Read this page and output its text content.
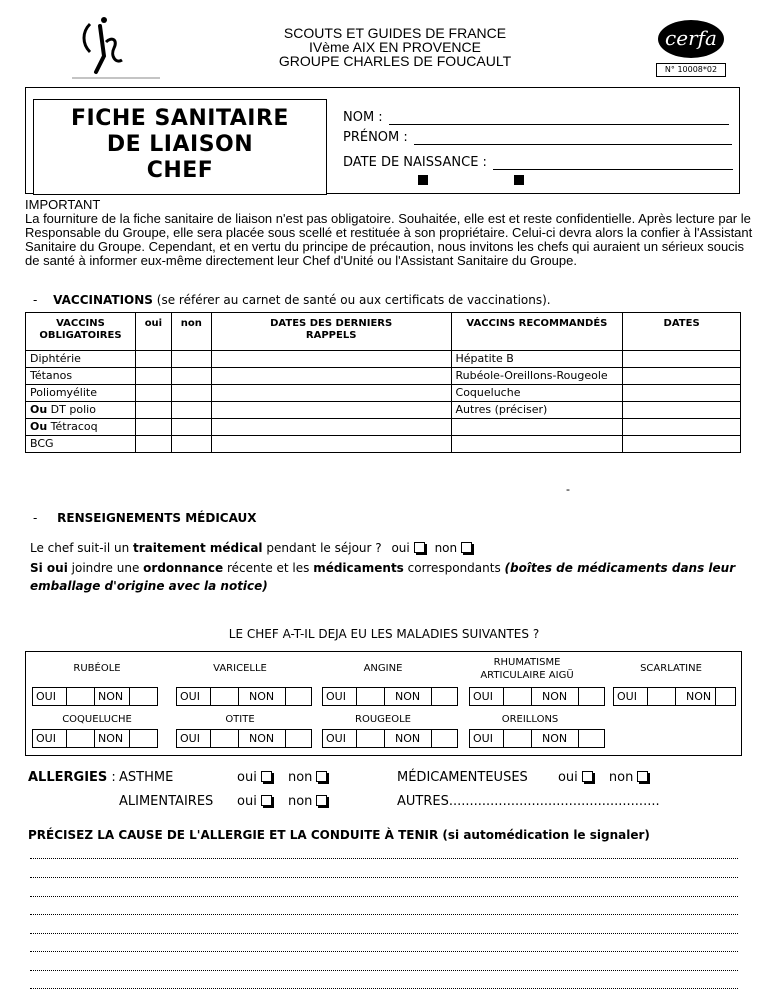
SCOUTS ET GUIDES DE FRANCE
IVème AIX EN PROVENCE
GROUPE CHARLES DE FOUCAULT
cerfa
N° 10008*02
FICHE SANITAIRE
DE LIAISON
CHEF
NOM :
PRÉNOM :
DATE DE NAISSANCE :
IMPORTANT
La fourniture de la fiche sanitaire de liaison n'est pas obligatoire. Souhaitée, elle est et reste confidentielle. Après lecture par le Responsable du Groupe, elle sera placée sous scellé et restituée à son propriétaire. Celui-ci devra alors la confier à l'Assistant Sanitaire du Groupe. Cependant, et en vertu du principe de précaution, nous invitons les chefs qui auraient un sérieux soucis de santé à informer eux-même directement leur Chef d'Unité ou l'Assistant Sanitaire du Groupe.
- VACCINATIONS (se référer au carnet de santé ou aux certificats de vaccinations).
VACCINS OBLIGATOIRES	oui	non	DATES DES DERNIERS RAPPELS	VACCINS RECOMMANDÉS	DATES
Diphtérie				Hépatite B	
Tétanos				Rubéole-Oreillons-Rougeole	
Poliomyélite				Coqueluche	
Ou DT polio				Autres (préciser)	
Ou Tétracoq					
BCG					
-
- RENSEIGNEMENTS MÉDICAUX
Le chef suit-il un traitement médical pendant le séjour ? oui non
Si oui joindre une ordonnance récente et les médicaments correspondants (boîtes de médicaments dans leur emballage d'origine avec la notice)
LE CHEF A-T-IL DEJA EU LES MALADIES SUIVANTES ?
RUBÉOLE	VARICELLE	ANGINE
RHUMATISME ARTICULAIRE AIGÜ
SCARLATINE
OUI	NON	OUI	NON	OUI	NON	OUI	NON	OUI	NON
COQUELUCHE	OTITE	ROUGEOLE	OREILLONS
OUI	NON	OUI	NON	OUI	NON	OUI	NON
ALLERGIES : ASTHME
ALIMENTAIRES
oui non
oui non
MÉDICAMENTEUSES oui non
AUTRES...................................................
PRÉCISEZ LA CAUSE DE L'ALLERGIE ET LA CONDUITE À TENIR (si automédication le signaler)
